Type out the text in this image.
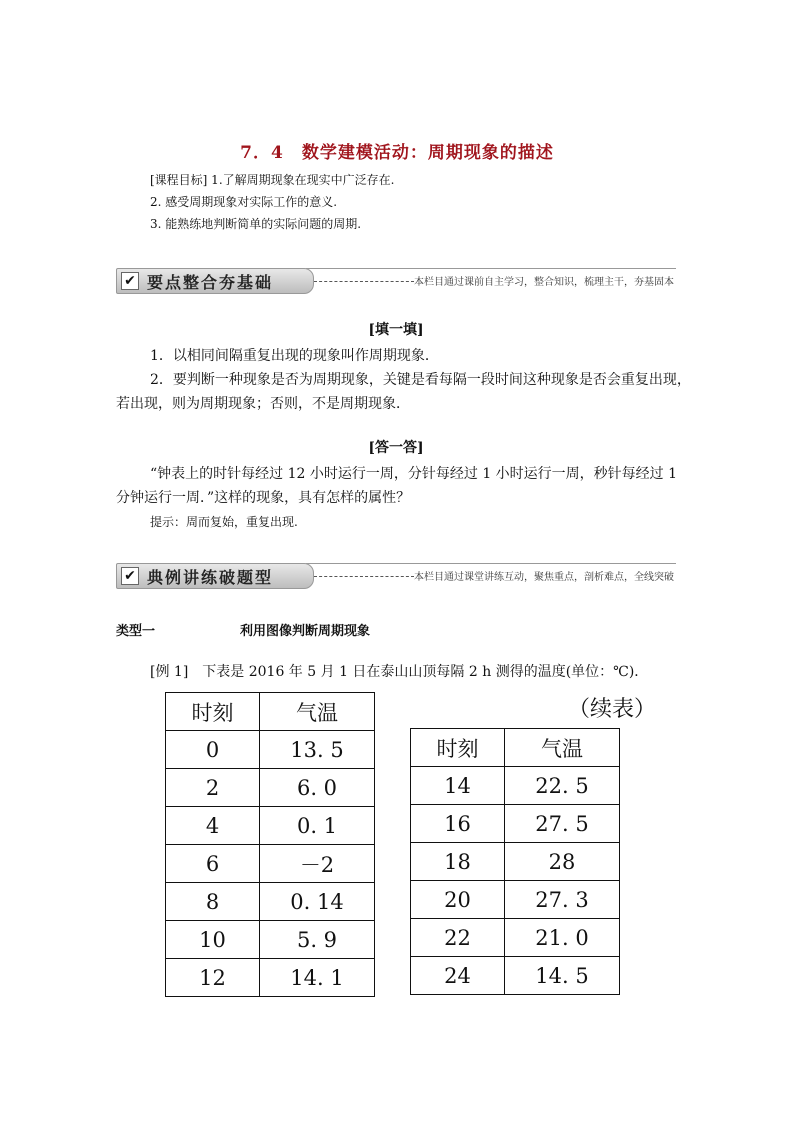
7．4　数学建模活动：周期现象的描述
[课程目标] 1.了解周期现象在现实中广泛存在.
2. 感受周期现象对实际工作的意义.
3. 能熟练地判断简单的实际问题的周期.
✔ 要点整合夯基础	本栏目通过课前自主学习，整合知识，梳理主干，夯基固本
[填一填]
1．以相同间隔重复出现的现象叫作周期现象．
2．要判断一种现象是否为周期现象，关键是看每隔一段时间这种现象是否会重复出现，
若出现，则为周期现象；否则，不是周期现象．
[答一答]
“钟表上的时针每经过 12 小时运行一周，分针每经过 1 小时运行一周，秒针每经过 1
分钟运行一周．”这样的现象，具有怎样的属性？
提示：周而复始，重复出现.
✔ 典例讲练破题型	本栏目通过课堂讲练互动，聚焦重点，剖析难点，全线突破
类型一	利用图像判断周期现象
[例 1]　下表是 2016 年 5 月 1 日在泰山山顶每隔 2 h 测得的温度(单位：℃)．
时刻	气温
0	13. 5
2	6. 0
4	0. 1
6	－2
8	0. 14
10	5. 9
12	14. 1
（续表）
时刻	气温
14	22. 5
16	27. 5
18	28
20	27. 3
22	21. 0
24	14. 5
